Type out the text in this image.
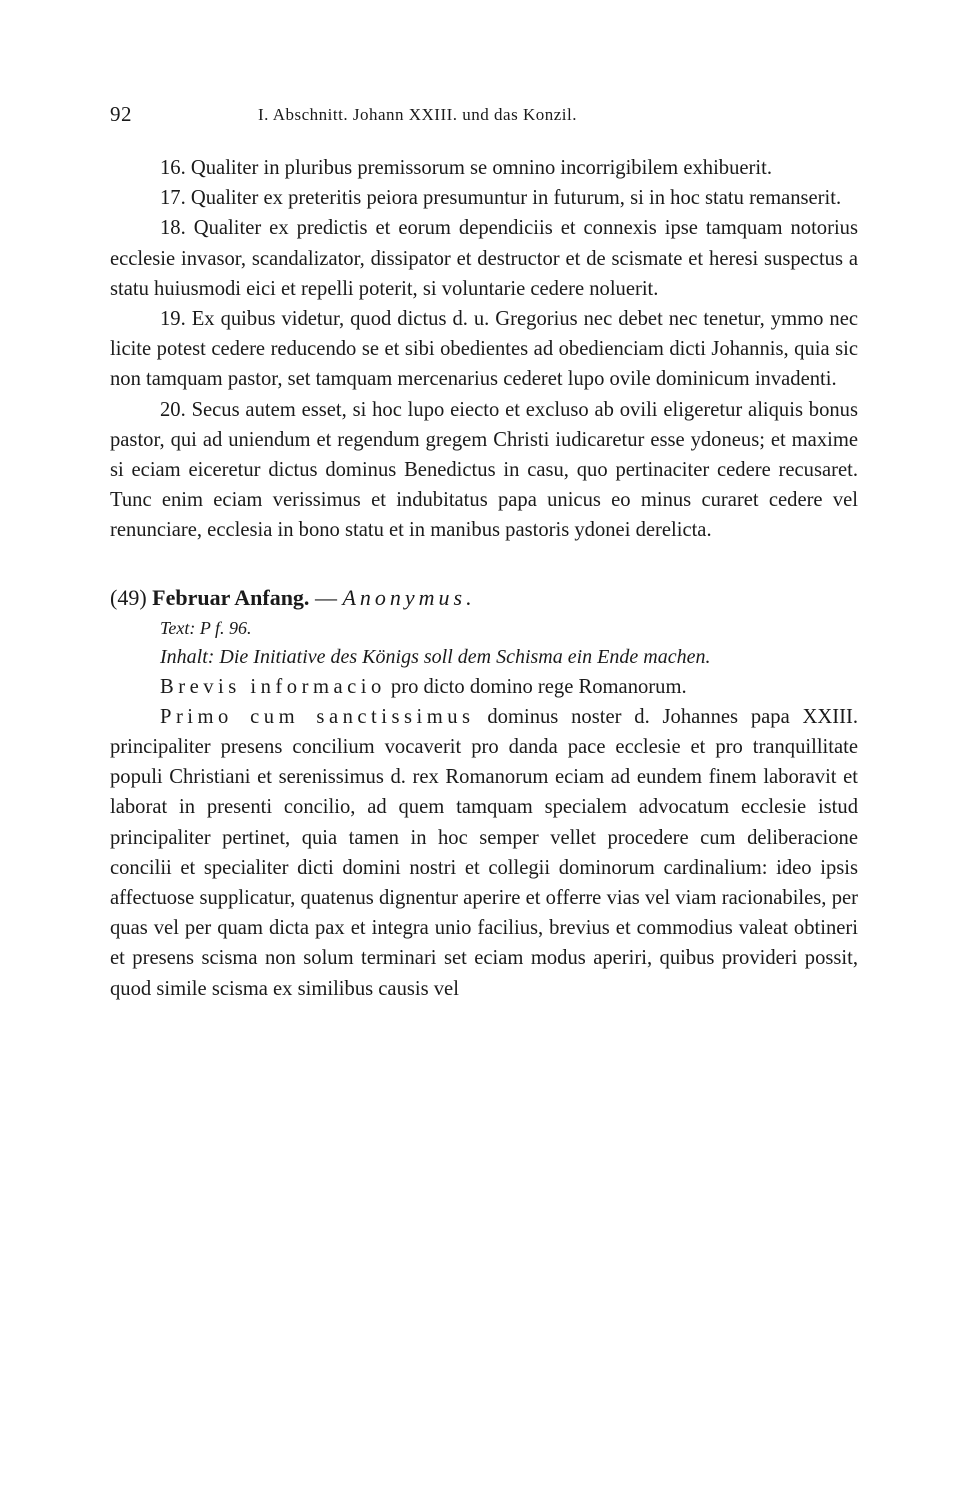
92	I. Abschnitt. Johann XXIII. und das Konzil.

16. Qualiter in pluribus premissorum se omnino incorrigibilem exhibuerit.

17. Qualiter ex preteritis peiora presumuntur in futurum, si in hoc statu remanserit.

18. Qualiter ex predictis et eorum dependiciis et connexis ipse tamquam notorius ecclesie invasor, scandalizator, dissipator et destructor et de scismate et heresi suspectus a statu huiusmodi eici et repelli poterit, si voluntarie cedere noluerit.

19. Ex quibus videtur, quod dictus d. u. Gregorius nec debet nec tenetur, ymmo nec licite potest cedere reducendo se et sibi obedientes ad obedienciam dicti Johannis, quia sic non tamquam pastor, set tamquam mercenarius cederet lupo ovile dominicum invadenti.

20. Secus autem esset, si hoc lupo eiecto et excluso ab ovili eligeretur aliquis bonus pastor, qui ad uniendum et regendum gregem Christi iudicaretur esse ydoneus; et maxime si eciam eiceretur dictus dominus Benedictus in casu, quo pertinaciter cedere recusaret. Tunc enim eciam verissimus et indubitatus papa unicus eo minus curaret cedere vel renunciare, ecclesia in bono statu et in manibus pastoris ydonei derelicta.

(49) Februar Anfang. — Anonymus.

Text: P f. 96.

Inhalt: Die Initiative des Königs soll dem Schisma ein Ende machen.

Brevis informacio pro dicto domino rege Romanorum.

Primo cum sanctissimus dominus noster d. Johannes papa XXIII. principaliter presens concilium vocaverit pro danda pace ecclesie et pro tranquillitate populi Christiani et serenissimus d. rex Romanorum eciam ad eundem finem laboravit et laborat in presenti concilio, ad quem tamquam specialem advocatum ecclesie istud principaliter pertinet, quia tamen in hoc semper vellet procedere cum deliberacione concilii et specialiter dicti domini nostri et collegii dominorum cardinalium: ideo ipsis affectuose supplicatur, quatenus dignentur aperire et offerre vias vel viam racionabiles, per quas vel per quam dicta pax et integra unio facilius, brevius et commodius valeat obtineri et presens scisma non solum terminari set eciam modus aperiri, quibus provideri possit, quod simile scisma ex similibus causis vel
